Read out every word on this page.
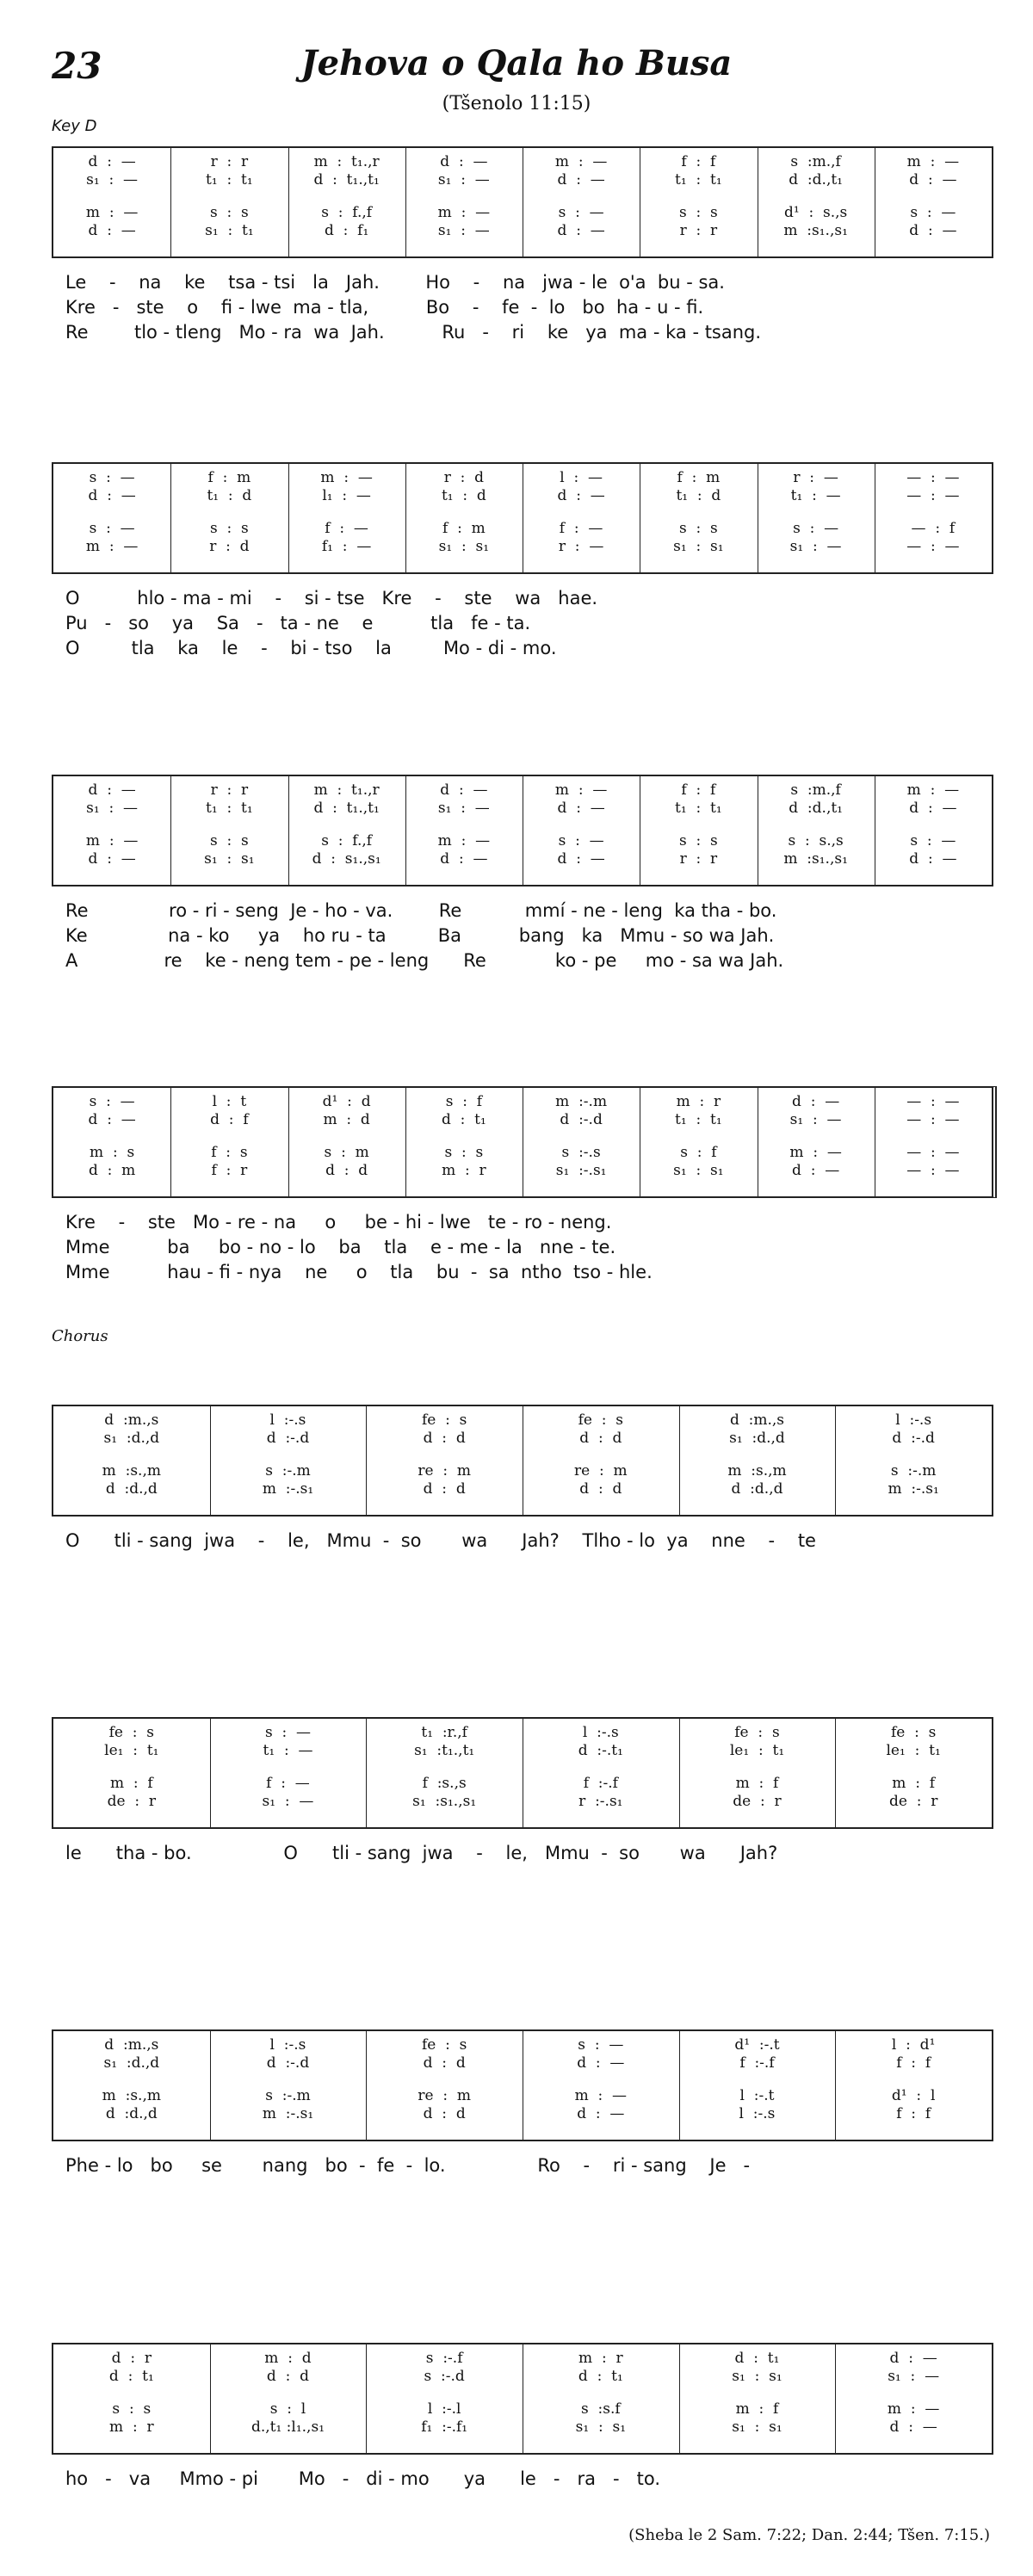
23	Jehova o Qala ho Busa
(Tšenolo 11:15)
Key D
Chorus
(Sheba le 2 Sam. 7:22; Dan. 2:44; Tšen. 7:15.)
d  :  —	r  :  r	m  :  t₁.,r	d  :  —	m  :  —	f  :  f	s  :m.,f	m  :  —
s₁  :  —	t₁  :  t₁	d  :  t₁.,t₁	s₁  :  —	d  :  —	t₁  :  t₁	d  :d.,t₁	d  :  —
m  :  —	s  :  s	s  :  f.,f	m  :  —	s  :  —	s  :  s	d¹  :  s.,s	s  :  —
d  :  —	s₁  :  t₁	d  :  f₁	s₁  :  —	d  :  —	r  :  r	m  :s₁.,s₁	d  :  —
Le    -    na    ke    tsa - tsi   la   Jah.        Ho    -    na   jwa - le  o'a  bu - sa.
Kre   -   ste    o    fi - lwe  ma - tla,          Bo    -    fe  -  lo   bo  ha - u - fi.
Re        tlo - tleng   Mo - ra  wa  Jah.          Ru   -    ri    ke   ya  ma - ka - tsang.
s  :  —	f  :  m	m  :  —	r  :  d	l  :  —	f  :  m	r  :  —	—  :  —
d  :  —	t₁  :  d	l₁  :  —	t₁  :  d	d  :  —	t₁  :  d	t₁  :  —	—  :  —
s  :  —	s  :  s	f  :  —	f  :  m	f  :  —	s  :  s	s  :  —	—  :  f
m  :  —	r  :  d	f₁  :  —	s₁  :  s₁	r  :  —	s₁  :  s₁	s₁  :  —	—  :  —
O          hlo - ma - mi    -    si - tse   Kre    -    ste    wa   hae.
Pu   -   so    ya    Sa   -   ta - ne    e          tla   fe - ta.
O         tla    ka    le    -    bi - tso    la         Mo - di - mo.
d  :  —	r  :  r	m  :  t₁.,r	d  :  —	m  :  —	f  :  f	s  :m.,f	m  :  —
s₁  :  —	t₁  :  t₁	d  :  t₁.,t₁	s₁  :  —	d  :  —	t₁  :  t₁	d  :d.,t₁	d  :  —
m  :  —	s  :  s	s  :  f.,f	m  :  —	s  :  —	s  :  s	s  :  s.,s	s  :  —
d  :  —	s₁  :  s₁	d  :  s₁.,s₁	d  :  —	d  :  —	r  :  r	m  :s₁.,s₁	d  :  —
Re              ro - ri - seng  Je - ho - va.        Re           mmí - ne - leng  ka tha - bo.
Ke              na - ko     ya    ho ru - ta         Ba          bang   ka   Mmu - so wa Jah.
A               re    ke - neng tem - pe - leng      Re            ko - pe     mo - sa wa Jah.
s  :  —	l  :  t	d¹  :  d	s  :  f	m  :-.m	m  :  r	d  :  —	—  :  —
d  :  —	d  :  f	m  :  d	d  :  t₁	d  :-.d	t₁  :  t₁	s₁  :  —	—  :  —
m  :  s	f  :  s	s  :  m	s  :  s	s  :-.s	s  :  f	m  :  —	—  :  —
d  :  m	f  :  r	d  :  d	m  :  r	s₁  :-.s₁	s₁  :  s₁	d  :  —	—  :  —
Kre    -    ste   Mo - re - na     o     be - hi - lwe   te - ro - neng.
Mme          ba     bo - no - lo    ba    tla    e - me - la   nne - te.
Mme          hau - fi - nya    ne     o    tla    bu  -  sa  ntho  tso - hle.
d  :m.,s	l  :-.s	fe  :  s	fe  :  s	d  :m.,s	l  :-.s
s₁  :d.,d	d  :-.d	d  :  d	d  :  d	s₁  :d.,d	d  :-.d
m  :s.,m	s  :-.m	re  :  m	re  :  m	m  :s.,m	s  :-.m
d  :d.,d	m  :-.s₁	d  :  d	d  :  d	d  :d.,d	m  :-.s₁
O      tli - sang  jwa    -    le,   Mmu  -  so       wa      Jah?    Tlho - lo  ya    nne    -    te
fe  :  s	s  :  —	t₁  :r.,f	l  :-.s	fe  :  s	fe  :  s
le₁  :  t₁	t₁  :  —	s₁  :t₁.,t₁	d  :-.t₁	le₁  :  t₁	le₁  :  t₁
m  :  f	f  :  —	f  :s.,s	f  :-.f	m  :  f	m  :  f
de  :  r	s₁  :  —	s₁  :s₁.,s₁	r  :-.s₁	de  :  r	de  :  r
le      tha - bo.                O      tli - sang  jwa    -    le,   Mmu  -  so       wa      Jah?
d  :m.,s	l  :-.s	fe  :  s	s  :  —	d¹  :-.t	l  :  d¹
s₁  :d.,d	d  :-.d	d  :  d	d  :  —	f  :-.f	f  :  f
m  :s.,m	s  :-.m	re  :  m	m  :  —	l  :-.t	d¹  :  l
d  :d.,d	m  :-.s₁	d  :  d	d  :  —	l  :-.s	f  :  f
Phe - lo   bo     se       nang   bo  -  fe  -  lo.                Ro    -    ri - sang    Je   -
d  :  r	m  :  d	s  :-.f	m  :  r	d  :  t₁	d  :  —
d  :  t₁	d  :  d	s  :-.d	d  :  t₁	s₁  :  s₁	s₁  :  —
s  :  s	s  :  l	l  :-.l	s  :s.f	m  :  f	m  :  —
m  :  r	d.,t₁ :l₁.,s₁	f₁  :-.f₁	s₁  :  s₁	s₁  :  s₁	d  :  —
ho   -   va     Mmo - pi       Mo   -   di - mo      ya      le   -   ra   -   to.
